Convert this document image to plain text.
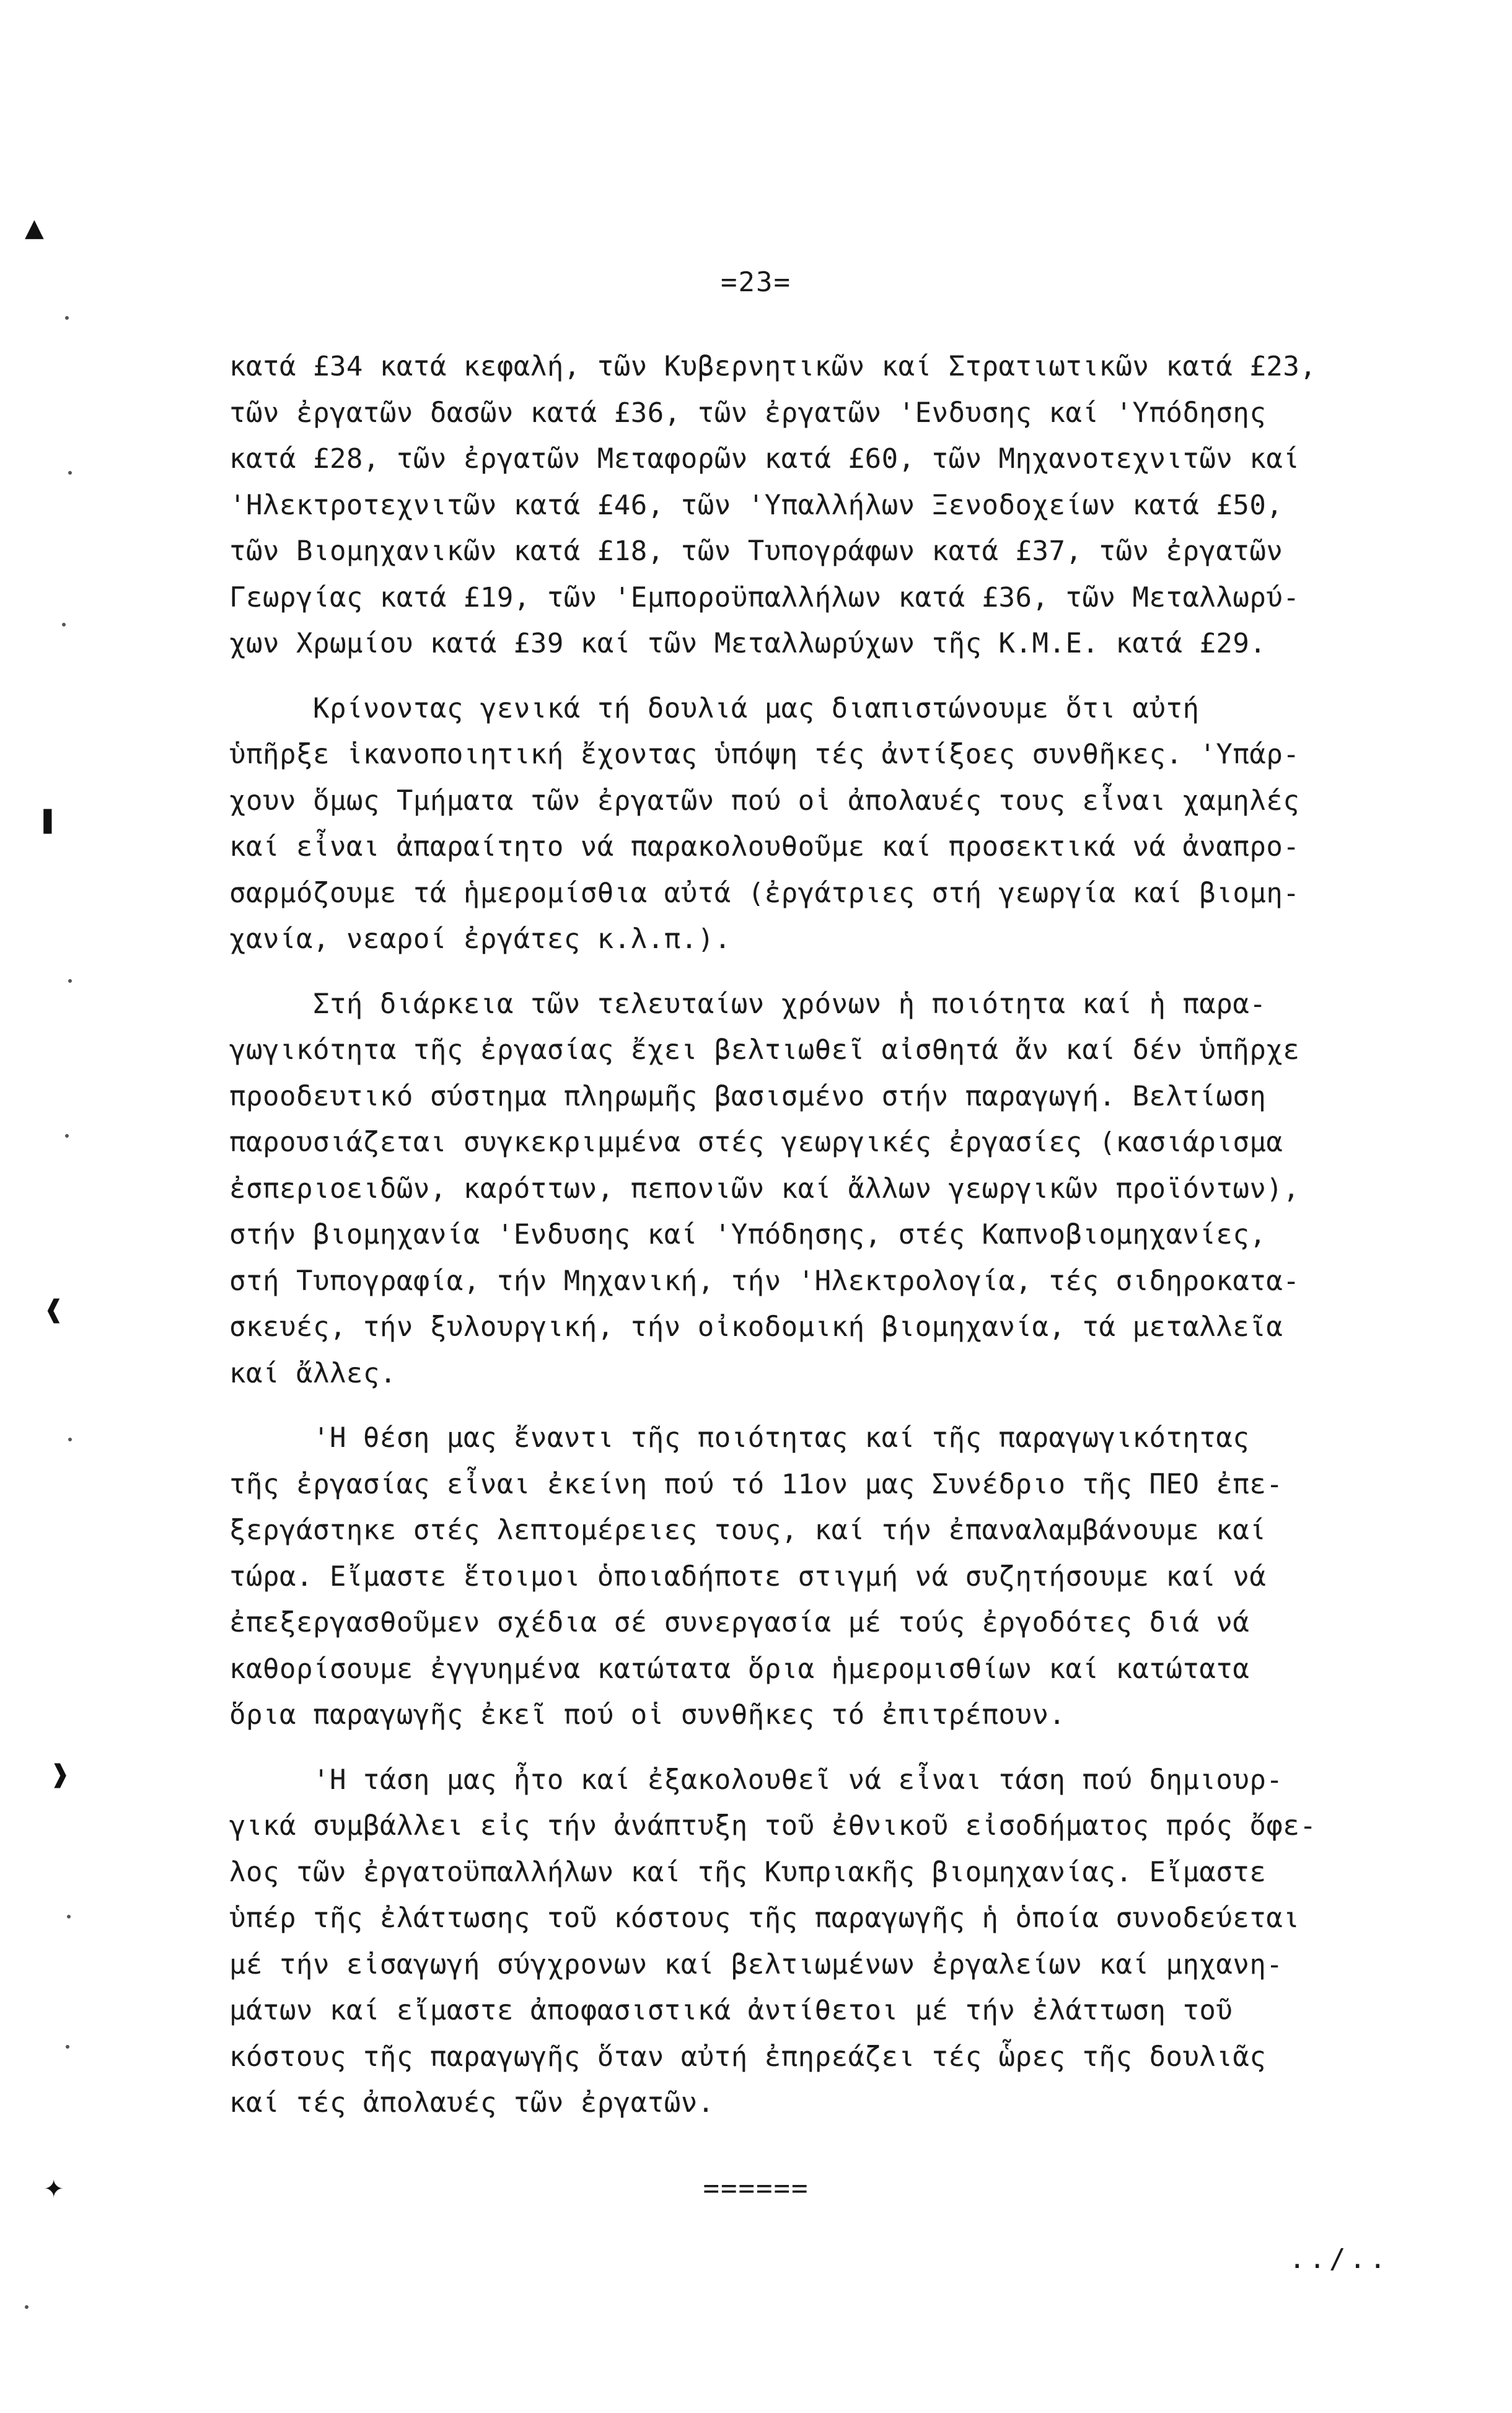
=23=
κατά £34 κατά κεφαλή, τῶν Κυβερνητικῶν καί Στρατιωτικῶν κατά £23,
τῶν ἐργατῶν δασῶν κατά £36, τῶν ἐργατῶν 'Ενδυσης καί 'Υπόδησης
κατά £28, τῶν ἐργατῶν Μεταφορῶν κατά £60, τῶν Μηχανοτεχνιτῶν καί
'Ηλεκτροτεχνιτῶν κατά £46, τῶν 'Υπαλλήλων Ξενοδοχείων κατά £50,
τῶν Βιομηχανικῶν κατά £18, τῶν Τυπογράφων κατά £37, τῶν ἐργατῶν
Γεωργίας κατά £19, τῶν 'Εμποροϋπαλλήλων κατά £36, τῶν Μεταλλωρύ-
χων Χρωμίου κατά £39 καί τῶν Μεταλλωρύχων τῆς Κ.Μ.Ε. κατά £29.
Κρίνοντας γενικά τή δουλιά μας διαπιστώνουμε ὅτι αὐτή
ὑπῆρξε ἱκανοποιητική ἔχοντας ὑπόψη τές ἀντίξοες συνθῆκες. 'Υπάρ-
χουν ὅμως Τμήματα τῶν ἐργατῶν πού οἱ ἀπολαυές τους εἶναι χαμηλές
καί εἶναι ἀπαραίτητο νά παρακολουθοῦμε καί προσεκτικά νά ἀναπρο-
σαρμόζουμε τά ἡμερομίσθια αὐτά (ἐργάτριες στή γεωργία καί βιομη-
χανία, νεαροί ἐργάτες κ.λ.π.).
Στή διάρκεια τῶν τελευταίων χρόνων ἡ ποιότητα καί ἡ παρα-
γωγικότητα τῆς ἐργασίας ἔχει βελτιωθεῖ αἰσθητά ἄν καί δέν ὑπῆρχε
προοδευτικό σύστημα πληρωμῆς βασισμένο στήν παραγωγή. Βελτίωση
παρουσιάζεται συγκεκριμμένα στές γεωργικές ἐργασίες (κασιάρισμα
ἐσπεριοειδῶν, καρόττων, πεπονιῶν καί ἄλλων γεωργικῶν προϊόντων),
στήν βιομηχανία 'Ενδυσης καί 'Υπόδησης, στές Καπνοβιομηχανίες,
στή Τυπογραφία, τήν Μηχανική, τήν 'Ηλεκτρολογία, τές σιδηροκατα-
σκευές, τήν ξυλουργική, τήν οἰκοδομική βιομηχανία, τά μεταλλεῖα
καί ἄλλες.
'Η θέση μας ἔναντι τῆς ποιότητας καί τῆς παραγωγικότητας
τῆς ἐργασίας εἶναι ἐκείνη πού τό 11ον μας Συνέδριο τῆς ΠΕΟ ἐπε-
ξεργάστηκε στές λεπτομέρειες τους, καί τήν ἐπαναλαμβάνουμε καί
τώρα. Εἴμαστε ἕτοιμοι ὁποιαδήποτε στιγμή νά συζητήσουμε καί νά
ἐπεξεργασθοῦμεν σχέδια σέ συνεργασία μέ τούς ἐργοδότες διά νά
καθορίσουμε ἐγγυημένα κατώτατα ὅρια ἡμερομισθίων καί κατώτατα
ὅρια παραγωγῆς ἐκεῖ πού οἱ συνθῆκες τό ἐπιτρέπουν.
'Η τάση μας ἦτο καί ἐξακολουθεῖ νά εἶναι τάση πού δημιουρ-
γικά συμβάλλει εἰς τήν ἀνάπτυξη τοῦ ἐθνικοῦ εἰσοδήματος πρός ὄφε-
λος τῶν ἐργατοϋπαλλήλων καί τῆς Κυπριακῆς βιομηχανίας. Εἴμαστε
ὑπέρ τῆς ἐλάττωσης τοῦ κόστους τῆς παραγωγῆς ἡ ὁποία συνοδεύεται
μέ τήν εἰσαγωγή σύγχρονων καί βελτιωμένων ἐργαλείων καί μηχανη-
μάτων καί εἴμαστε ἀποφασιστικά ἀντίθετοι μέ τήν ἐλάττωση τοῦ
κόστους τῆς παραγωγῆς ὅταν αὐτή ἐπηρεάζει τές ὧρες τῆς δουλιᾶς
καί τές ἀπολαυές τῶν ἐργατῶν.
======
../..
▲
❚
❰
❱
✦
